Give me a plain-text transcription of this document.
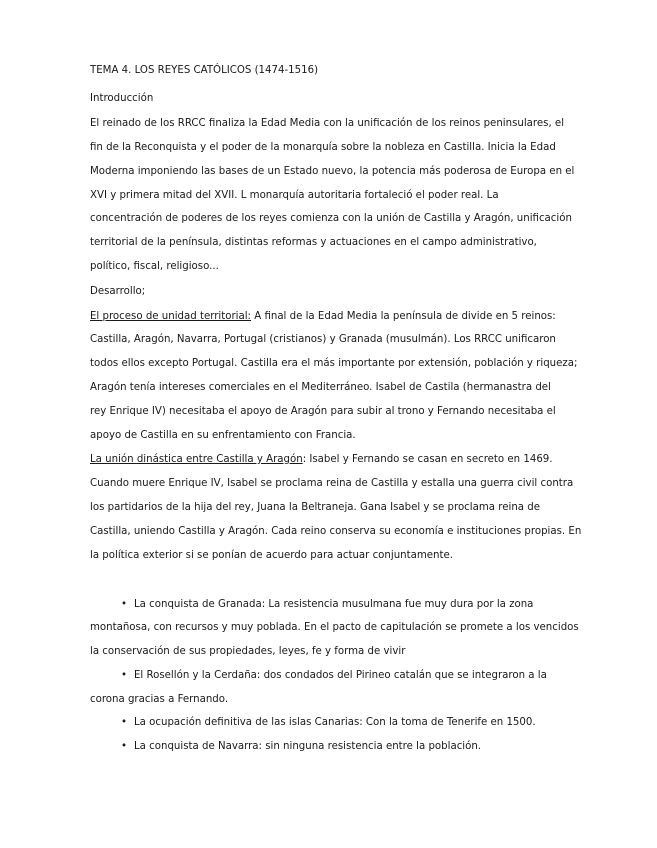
TEMA 4. LOS REYES CATÓLICOS (1474-1516)
Introducción
El reinado de los RRCC finaliza la Edad Media con la unificación de los reinos peninsulares, el
fin de la Reconquista y el poder de la monarquía sobre la nobleza en Castilla. Inicia la Edad
Moderna imponiendo las bases de un Estado nuevo, la potencia más poderosa de Europa en el
XVI y primera mitad del XVII. L monarquía autoritaria fortaleció el poder real. La
concentración de poderes de los reyes comienza con la unión de Castilla y Aragón, unificación
territorial de la península, distintas reformas y actuaciones en el campo administrativo,
político, fiscal, religioso...
Desarrollo;
El proceso de unidad territorial: A final de la Edad Media la península de divide en 5 reinos:
Castilla, Aragón, Navarra, Portugal (cristianos) y Granada (musulmán). Los RRCC unificaron
todos ellos excepto Portugal. Castilla era el más importante por extensión, población y riqueza;
Aragón tenía intereses comerciales en el Mediterráneo. Isabel de Castila (hermanastra del
rey Enrique IV) necesitaba el apoyo de Aragón para subir al trono y Fernando necesitaba el
apoyo de Castilla en su enfrentamiento con Francia.
La unión dinástica entre Castilla y Aragón: Isabel y Fernando se casan en secreto en 1469.
Cuando muere Enrique IV, Isabel se proclama reina de Castilla y estalla una guerra civil contra
los partidarios de la hija del rey, Juana la Beltraneja. Gana Isabel y se proclama reina de
Castilla, uniendo Castilla y Aragón. Cada reino conserva su economía e instituciones propias. En
la política exterior si se ponían de acuerdo para actuar conjuntamente.
• La conquista de Granada: La resistencia musulmana fue muy dura por la zona
montañosa, con recursos y muy poblada. En el pacto de capitulación se promete a los vencidos
la conservación de sus propiedades, leyes, fe y forma de vivir
• El Rosellón y la Cerdaña: dos condados del Pirineo catalán que se integraron a la
corona gracias a Fernando.
• La ocupación definitiva de las islas Canarias: Con la toma de Tenerife en 1500.
• La conquista de Navarra: sin ninguna resistencia entre la población.
